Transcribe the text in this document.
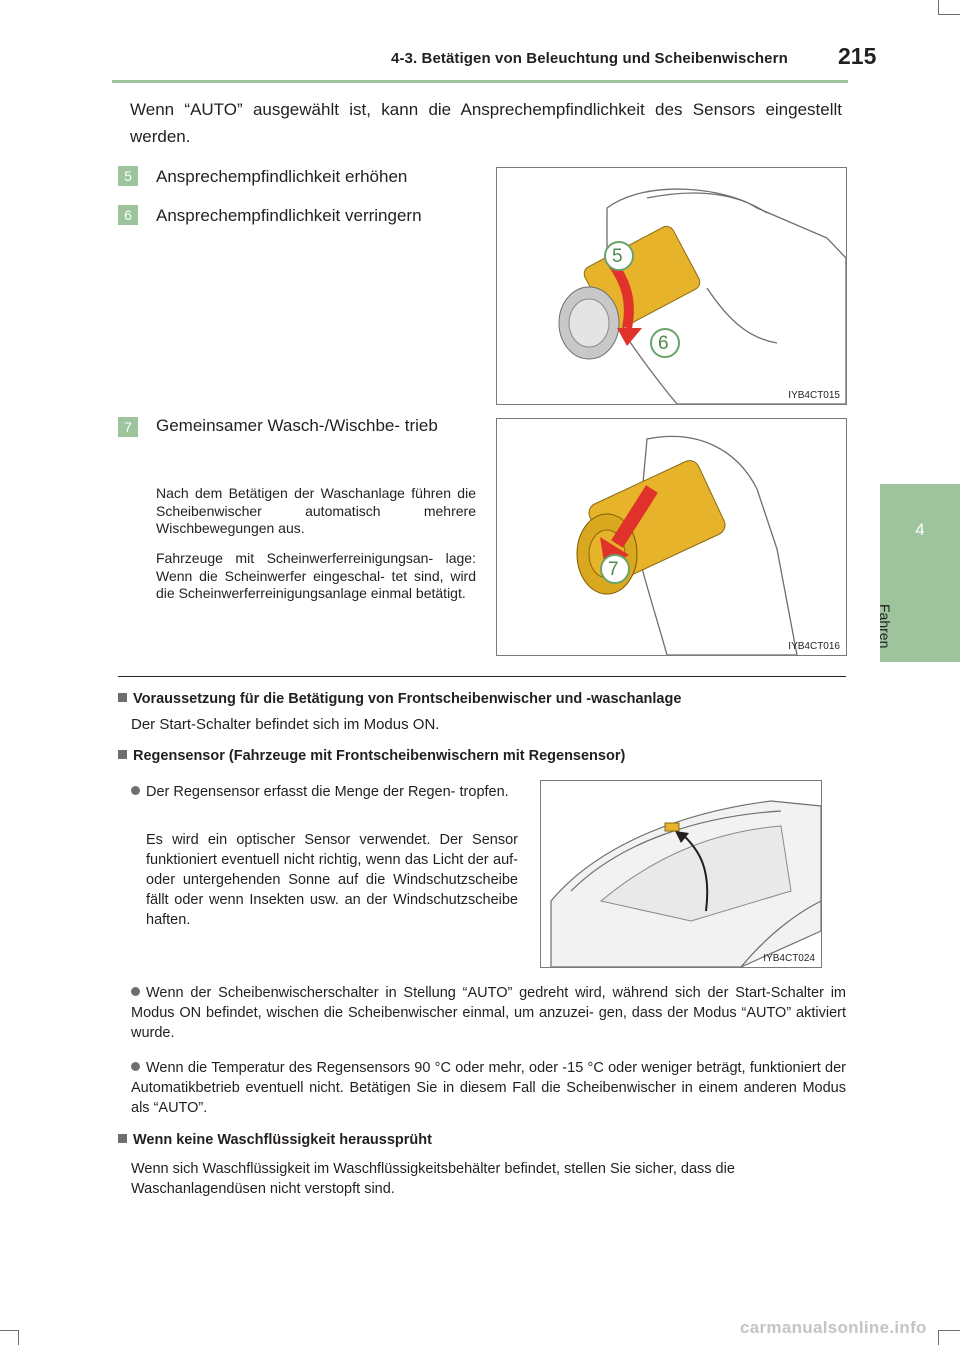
4-3. Betätigen von Beleuchtung und Scheibenwischern 215
4
Fahren
Wenn “AUTO” ausgewählt ist, kann die Ansprechempfindlichkeit des Sensors eingestellt werden.
5	Ansprechempfindlichkeit erhöhen
6	Ansprechempfindlichkeit verringern
7	Gemeinsamer Wasch-/Wischbe- trieb
Nach dem Betätigen der Waschanlage führen die Scheibenwischer automatisch mehrere Wischbewegungen aus.
Fahrzeuge mit Scheinwerferreinigungsan- lage: Wenn die Scheinwerfer eingeschal- tet sind, wird die Scheinwerferreinigungsanlage einmal betätigt.
5
6
IYB4CT015
7
IYB4CT016
Voraussetzung für die Betätigung von Frontscheibenwischer und -waschanlage
Der Start-Schalter befindet sich im Modus ON.
Regensensor (Fahrzeuge mit Frontscheibenwischern mit Regensensor)
Der Regensensor erfasst die Menge der Regen- tropfen.
Es wird ein optischer Sensor verwendet. Der Sensor funktioniert eventuell nicht richtig, wenn das Licht der auf- oder untergehenden Sonne auf die Windschutzscheibe fällt oder wenn Insekten usw. an der Windschutzscheibe haften.
IYB4CT024
Wenn der Scheibenwischerschalter in Stellung “AUTO” gedreht wird, während sich der Start-Schalter im Modus ON befindet, wischen die Scheibenwischer einmal, um anzuzei- gen, dass der Modus “AUTO” aktiviert wurde.
Wenn die Temperatur des Regensensors 90 °C oder mehr, oder -15 °C oder weniger beträgt, funktioniert der Automatikbetrieb eventuell nicht. Betätigen Sie in diesem Fall die Scheibenwischer in einem anderen Modus als “AUTO”.
Wenn keine Waschflüssigkeit heraussprüht
Wenn sich Waschflüssigkeit im Waschflüssigkeitsbehälter befindet, stellen Sie sicher, dass die Waschanlagendüsen nicht verstopft sind.
carmanualsonline.info
